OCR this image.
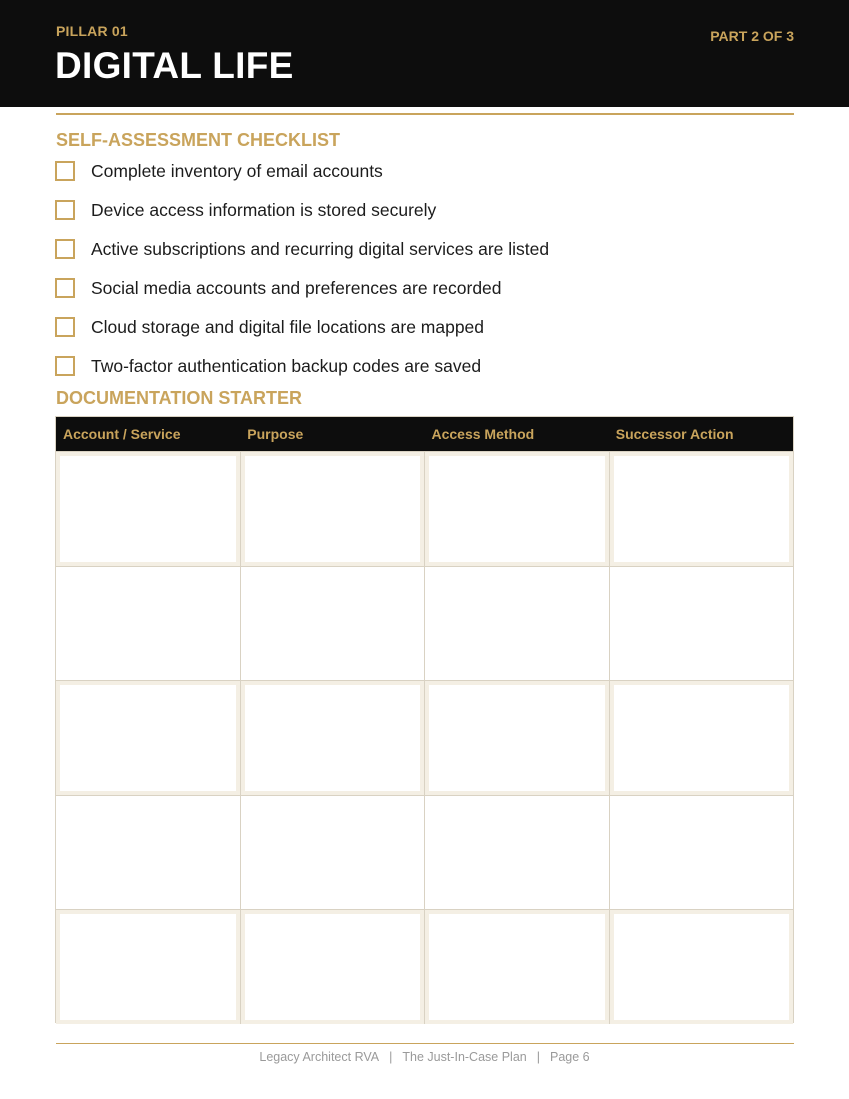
PILLAR 01
DIGITAL LIFE
PART 2 OF 3
SELF-ASSESSMENT CHECKLIST
Complete inventory of email accounts
Device access information is stored securely
Active subscriptions and recurring digital services are listed
Social media accounts and preferences are recorded
Cloud storage and digital file locations are mapped
Two-factor authentication backup codes are saved
DOCUMENTATION STARTER
Account / Service	Purpose	Access Method	Successor Action
Legacy Architect RVA | The Just-In-Case Plan | Page 6
